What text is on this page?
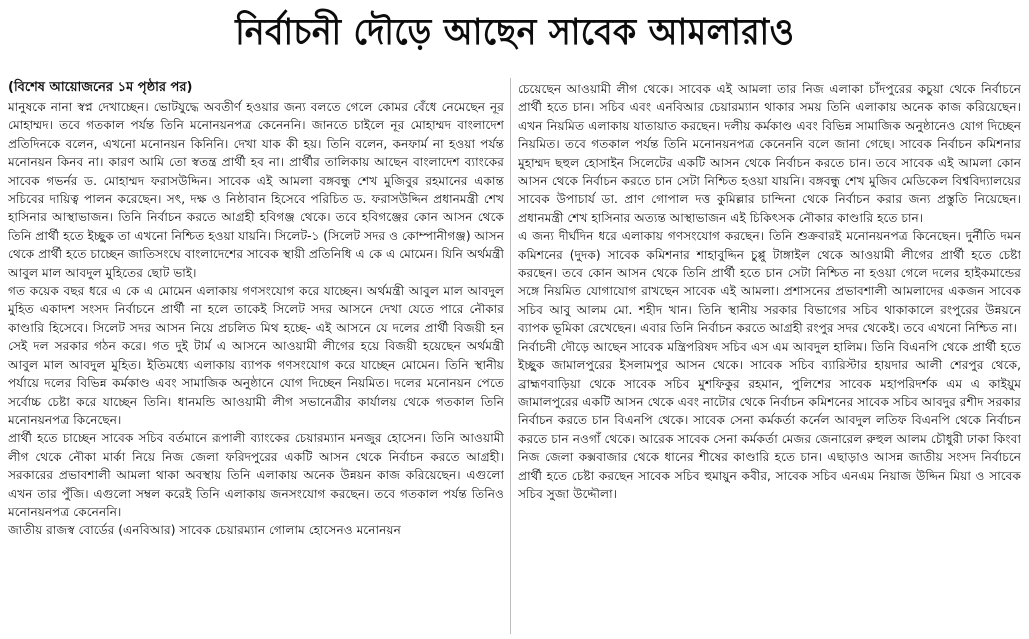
নির্বাচনী দৌড়ে আছেন সাবেক আমলারাও
(বিশেষ আয়োজনের ১ম পৃষ্ঠার পর)

মানুষকে নানা স্বপ্ন দেখাচ্ছেন। ভোটযুদ্ধে অবতীর্ণ হওয়ার জন্য বলতে গেলে কোমর বেঁধে নেমেছেন নূর মোহাম্মদ। তবে গতকাল পর্যন্ত তিনি মনোনয়নপত্র কেনেননি। জানতে চাইলে নূর মোহাম্মদ বাংলাদেশ প্রতিদিনকে বলেন, এখনো মনোনয়ন কিনিনি। দেখা যাক কী হয়। তিনি বলেন, কনফার্ম না হওয়া পর্যন্ত মনোনয়ন কিনব না। কারণ আমি তো স্বতন্ত্র প্রার্থী হব না। প্রার্থীর তালিকায় আছেন বাংলাদেশ ব্যাংকের সাবেক গভর্নর ড. মোহাম্মদ ফরাসউদ্দিন। সাবেক এই আমলা বঙ্গবন্ধু শেখ মুজিবুর রহমানের একান্ত সচিবের দায়িত্ব পালন করেছেন। সৎ, দক্ষ ও নিষ্ঠাবান হিসেবে পরিচিত ড. ফরাসউদ্দিন প্রধানমন্ত্রী শেখ হাসিনার আস্থাভাজন। তিনি নির্বাচন করতে আগ্রহী হবিগঞ্জ থেকে। তবে হবিগঞ্জের কোন আসন থেকে তিনি প্রার্থী হতে ইচ্ছুক তা এখনো নিশ্চিত হওয়া যায়নি। সিলেট-১ (সিলেট সদর ও কোম্পানীগঞ্জ) আসন থেকে প্রার্থী হতে চাচ্ছেন জাতিসংঘে বাংলাদেশের সাবেক স্থায়ী প্রতিনিধি এ কে এ মোমেন। যিনি অর্থমন্ত্রী আবুল মাল আবদুল মুহিতের ছোট ভাই।

গত কয়েক বছর ধরে এ কে এ মোমেন এলাকায় গণসংযোগ করে যাচ্ছেন। অর্থমন্ত্রী আবুল মাল আবদুল মুহিত একাদশ সংসদ নির্বাচনে প্রার্থী না হলে তাকেই সিলেট সদর আসনে দেখা যেতে পারে নৌকার কাণ্ডারি হিসেবে। সিলেট সদর আসন নিয়ে প্রচলিত মিথ হচ্ছে- এই আসনে যে দলের প্রার্থী বিজয়ী হন সেই দল সরকার গঠন করে। গত দুই টার্ম এ আসনে আওয়ামী লীগের হয়ে বিজয়ী হয়েছেন অর্থমন্ত্রী আবুল মাল আবদুল মুহিত। ইতিমধ্যে এলাকায় ব্যাপক গণসংযোগ করে যাচ্ছেন মোমেন। তিনি স্থানীয় পর্যায়ে দলের বিভিন্ন কর্মকাণ্ড এবং সামাজিক অনুষ্ঠানে যোগ দিচ্ছেন নিয়মিত। দলের মনোনয়ন পেতে সর্বোচ্চ চেষ্টা করে যাচ্ছেন তিনি। ধানমন্ডি আওয়ামী লীগ সভানেত্রীর কার্যালয় থেকে গতকাল তিনি মনোনয়নপত্র কিনেছেন।

প্রার্থী হতে চাচ্ছেন সাবেক সচিব বর্তমানে রূপালী ব্যাংকের চেয়ারম্যান মনজুর হোসেন। তিনি আওয়ামী লীগ থেকে নৌকা মার্কা নিয়ে নিজ জেলা ফরিদপুরের একটি আসন থেকে নির্বাচন করতে আগ্রহী। সরকারের প্রভাবশালী আমলা থাকা অবস্থায় তিনি এলাকায় অনেক উন্নয়ন কাজ করিয়েছেন। এগুলো এখন তার পুঁজি। এগুলো সম্বল করেই তিনি এলাকায় জনসংযোগ করছেন। তবে গতকাল পর্যন্ত তিনিও মনোনয়নপত্র কেনেননি।

জাতীয় রাজস্ব বোর্ডের (এনবিআর) সাবেক চেয়ারম্যান গোলাম হোসেনও মনোনয়ন

চেয়েছেন আওয়ামী লীগ থেকে। সাবেক এই আমলা তার নিজ এলাকা চাঁদপুরের কচুয়া থেকে নির্বাচনে প্রার্থী হতে চান। সচিব এবং এনবিআর চেয়ারম্যান থাকার সময় তিনি এলাকায় অনেক কাজ করিয়েছেন। এখন নিয়মিত এলাকায় যাতায়াত করছেন। দলীয় কর্মকাণ্ড এবং বিভিন্ন সামাজিক অনুষ্ঠানেও যোগ দিচ্ছেন নিয়মিত। তবে গতকাল পর্যন্ত তিনি মনোনয়নপত্র কেনেননি বলে জানা গেছে। সাবেক নির্বাচন কমিশনার মুহাম্মদ ছহুল হোসাইন সিলেটের একটি আসন থেকে নির্বাচন করতে চান। তবে সাবেক এই আমলা কোন আসন থেকে নির্বাচন করতে চান সেটা নিশ্চিত হওয়া যায়নি। বঙ্গবন্ধু শেখ মুজিব মেডিকেল বিশ্ববিদ্যালয়ের সাবেক উপাচার্য ডা. প্রাণ গোপাল দত্ত কুমিল্লার চান্দিনা থেকে নির্বাচন করার জন্য প্রস্তুতি নিয়েছেন। প্রধানমন্ত্রী শেখ হাসিনার অত্যন্ত আস্থাভাজন এই চিকিৎসক নৌকার কাণ্ডারি হতে চান।

এ জন্য দীর্ঘদিন ধরে এলাকায় গণসংযোগ করছেন। তিনি শুক্রবারই মনোনয়নপত্র কিনেছেন। দুর্নীতি দমন কমিশনের (দুদক) সাবেক কমিশনার শাহাবুদ্দিন চুপ্পু টাঙ্গাইল থেকে আওয়ামী লীগের প্রার্থী হতে চেষ্টা করছেন। তবে কোন আসন থেকে তিনি প্রার্থী হতে চান সেটা নিশ্চিত না হওয়া গেলে দলের হাইকমান্ডের সঙ্গে নিয়মিত যোগাযোগ রাখছেন সাবেক এই আমলা। প্রশাসনের প্রভাবশালী আমলাদের একজন সাবেক সচিব আবু আলম মো. শহীদ খান। তিনি স্থানীয় সরকার বিভাগের সচিব থাকাকালে রংপুরের উন্নয়নে ব্যাপক ভূমিকা রেখেছেন। এবার তিনি নির্বাচন করতে আগ্রহী রংপুর সদর থেকেই। তবে এখনো নিশ্চিত না।

নির্বাচনী দৌড়ে আছেন সাবেক মন্ত্রিপরিষদ সচিব এস এম আবদুল হালিম। তিনি বিএনপি থেকে প্রার্থী হতে ইচ্ছুক জামালপুরের ইসলামপুর আসন থেকে। সাবেক সচিব ব্যারিস্টার হায়দার আলী শেরপুর থেকে, ব্রাহ্মণবাড়িয়া থেকে সাবেক সচিব মুশফিকুর রহমান, পুলিশের সাবেক মহাপরিদর্শক এম এ কাইয়ুম জামালপুরের একটি আসন থেকে এবং নাটোর থেকে নির্বাচন কমিশনের সাবেক সচিব আবদুর রশীদ সরকার নির্বাচন করতে চান বিএনপি থেকে। সাবেক সেনা কর্মকর্তা কর্নেল আবদুল লতিফ বিএনপি থেকে নির্বাচন করতে চান নওগাঁ থেকে। আরেক সাবেক সেনা কর্মকর্তা মেজর জেনারেল রুহুল আলম চৌধুরী ঢাকা কিংবা নিজ জেলা কক্সবাজার থেকে ধানের শীষের কাণ্ডারি হতে চান। এছাড়াও আসন্ন জাতীয় সংসদ নির্বাচনে প্রার্থী হতে চেষ্টা করছেন সাবেক সচিব হুমায়ুন কবীর, সাবেক সচিব এনএম নিয়াজ উদ্দিন মিয়া ও সাবেক সচিব সুজা উদ্দৌলা।
